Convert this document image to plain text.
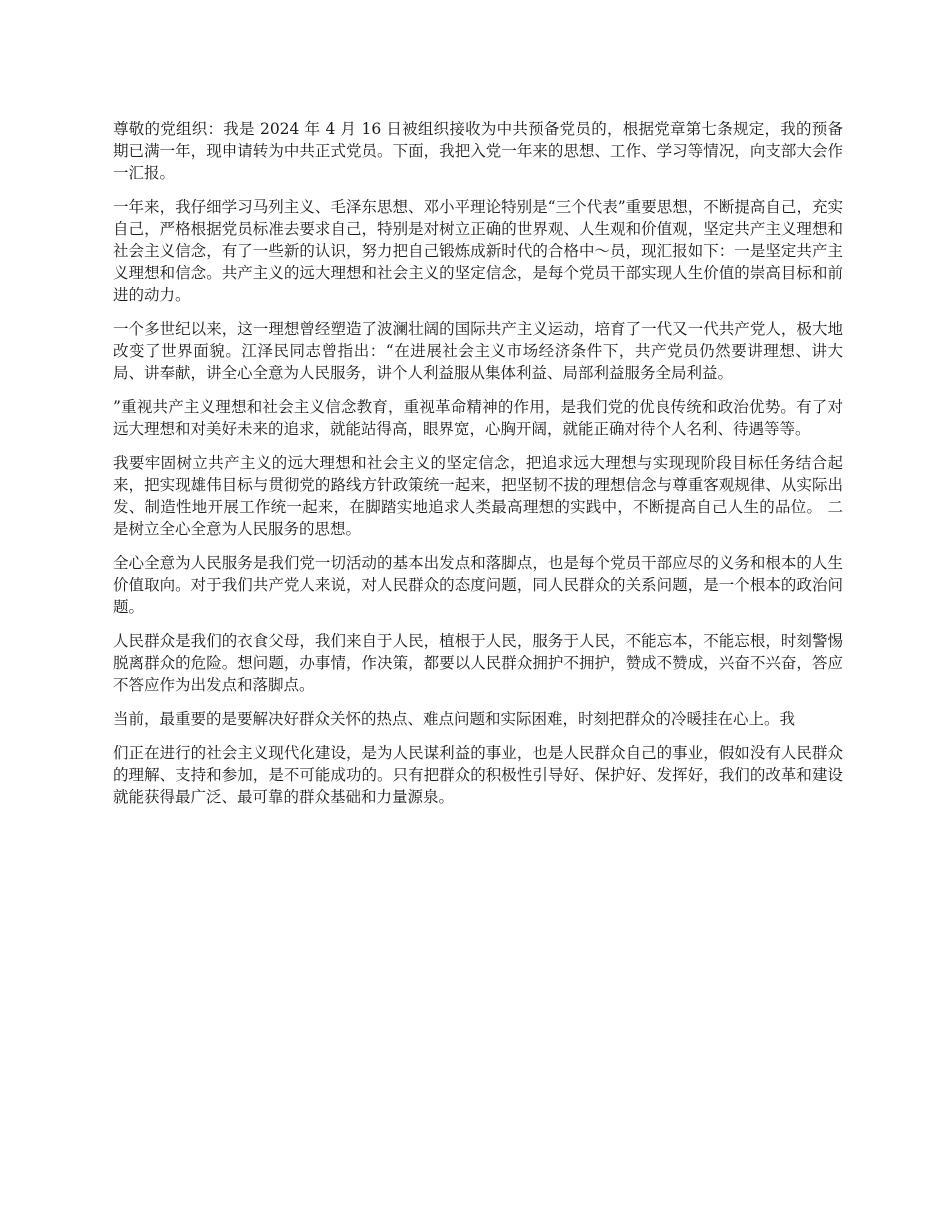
尊敬的党组织：我是 2024 年 4 月 16 日被组织接收为中共预备党员的，根据党章第七条规定，我的预备期已满一年，现申请转为中共正式党员。下面，我把入党一年来的思想、工作、学习等情况，向支部大会作一汇报。

一年来，我仔细学习马列主义、毛泽东思想、邓小平理论特别是“三个代表”重要思想，不断提高自己，充实自己，严格根据党员标准去要求自己，特别是对树立正确的世界观、人生观和价值观，坚定共产主义理想和社会主义信念，有了一些新的认识，努力把自己锻炼成新时代的合格中～员，现汇报如下：一是坚定共产主义理想和信念。共产主义的远大理想和社会主义的坚定信念，是每个党员干部实现人生价值的崇高目标和前进的动力。

一个多世纪以来，这一理想曾经塑造了波澜壮阔的国际共产主义运动，培育了一代又一代共产党人，极大地改变了世界面貌。江泽民同志曾指出：“在进展社会主义市场经济条件下，共产党员仍然要讲理想、讲大局、讲奉献，讲全心全意为人民服务，讲个人利益服从集体利益、局部利益服务全局利益。

”重视共产主义理想和社会主义信念教育，重视革命精神的作用，是我们党的优良传统和政治优势。有了对远大理想和对美好未来的追求，就能站得高，眼界宽，心胸开阔，就能正确对待个人名利、待遇等等。

我要牢固树立共产主义的远大理想和社会主义的坚定信念，把追求远大理想与实现现阶段目标任务结合起来，把实现雄伟目标与贯彻党的路线方针政策统一起来，把坚韧不拔的理想信念与尊重客观规律、从实际出发、制造性地开展工作统一起来，在脚踏实地追求人类最高理想的实践中，不断提高自己人生的品位。 二是树立全心全意为人民服务的思想。

全心全意为人民服务是我们党一切活动的基本出发点和落脚点，也是每个党员干部应尽的义务和根本的人生价值取向。对于我们共产党人来说，对人民群众的态度问题，同人民群众的关系问题，是一个根本的政治问题。

人民群众是我们的衣食父母，我们来自于人民，植根于人民，服务于人民，不能忘本，不能忘根，时刻警惕脱离群众的危险。想问题，办事情，作决策，都要以人民群众拥护不拥护，赞成不赞成，兴奋不兴奋，答应不答应作为出发点和落脚点。

当前，最重要的是要解决好群众关怀的热点、难点问题和实际困难，时刻把群众的冷暖挂在心上。我

们正在进行的社会主义现代化建设，是为人民谋利益的事业，也是人民群众自己的事业，假如没有人民群众的理解、支持和参加，是不可能成功的。只有把群众的积极性引导好、保护好、发挥好，我们的改革和建设就能获得最广泛、最可靠的群众基础和力量源泉。
